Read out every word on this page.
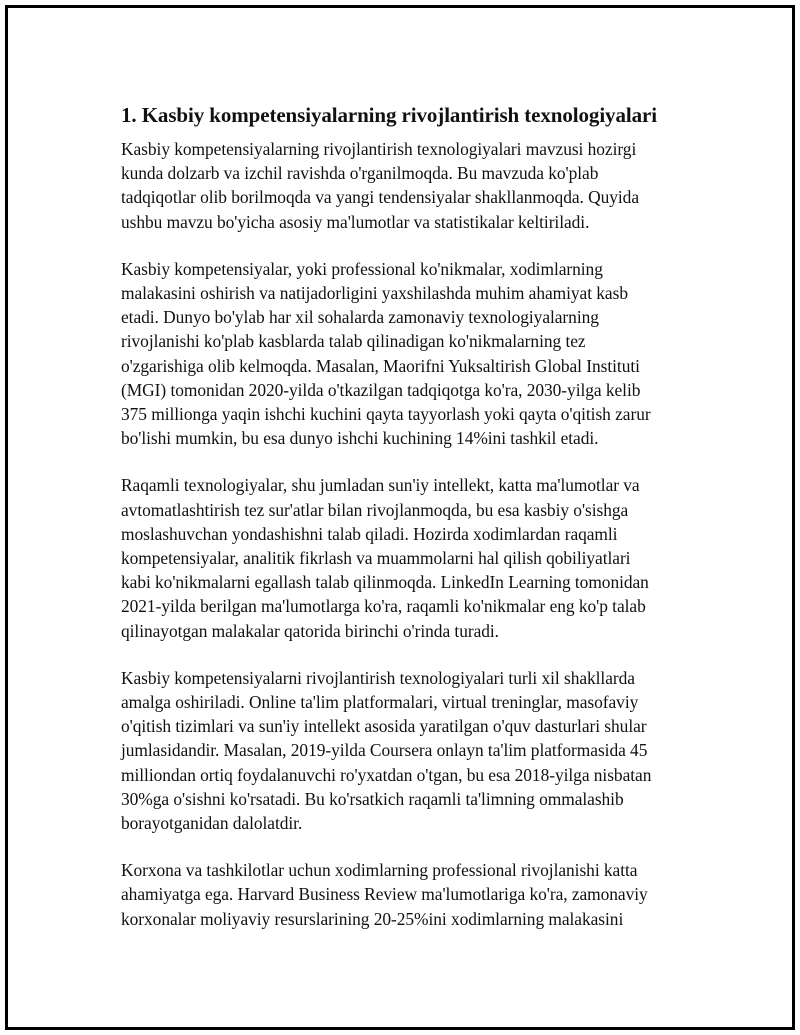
1. Kasbiy kompetensiyalarning rivojlantirish texnologiyalari

Kasbiy kompetensiyalarning rivojlantirish texnologiyalari mavzusi hozirgi
kunda dolzarb va izchil ravishda o'rganilmoqda. Bu mavzuda ko'plab
tadqiqotlar olib borilmoqda va yangi tendensiyalar shakllanmoqda. Quyida
ushbu mavzu bo'yicha asosiy ma'lumotlar va statistikalar keltiriladi.

Kasbiy kompetensiyalar, yoki professional ko'nikmalar, xodimlarning
malakasini oshirish va natijadorligini yaxshilashda muhim ahamiyat kasb
etadi. Dunyo bo'ylab har xil sohalarda zamonaviy texnologiyalarning
rivojlanishi ko'plab kasblarda talab qilinadigan ko'nikmalarning tez
o'zgarishiga olib kelmoqda. Masalan, Maorifni Yuksaltirish Global Instituti
(MGI) tomonidan 2020-yilda o'tkazilgan tadqiqotga ko'ra, 2030-yilga kelib
375 millionga yaqin ishchi kuchini qayta tayyorlash yoki qayta o'qitish zarur
bo'lishi mumkin, bu esa dunyo ishchi kuchining 14%ini tashkil etadi.

Raqamli texnologiyalar, shu jumladan sun'iy intellekt, katta ma'lumotlar va
avtomatlashtirish tez sur'atlar bilan rivojlanmoqda, bu esa kasbiy o'sishga
moslashuvchan yondashishni talab qiladi. Hozirda xodimlardan raqamli
kompetensiyalar, analitik fikrlash va muammolarni hal qilish qobiliyatlari
kabi ko'nikmalarni egallash talab qilinmoqda. LinkedIn Learning tomonidan
2021-yilda berilgan ma'lumotlarga ko'ra, raqamli ko'nikmalar eng ko'p talab
qilinayotgan malakalar qatorida birinchi o'rinda turadi.

Kasbiy kompetensiyalarni rivojlantirish texnologiyalari turli xil shakllarda
amalga oshiriladi. Online ta'lim platformalari, virtual treninglar, masofaviy
o'qitish tizimlari va sun'iy intellekt asosida yaratilgan o'quv dasturlari shular
jumlasidandir. Masalan, 2019-yilda Coursera onlayn ta'lim platformasida 45
milliondan ortiq foydalanuvchi ro'yxatdan o'tgan, bu esa 2018-yilga nisbatan
30%ga o'sishni ko'rsatadi. Bu ko'rsatkich raqamli ta'limning ommalashib
borayotganidan dalolatdir.

Korxona va tashkilotlar uchun xodimlarning professional rivojlanishi katta
ahamiyatga ega. Harvard Business Review ma'lumotlariga ko'ra, zamonaviy
korxonalar moliyaviy resurslarining 20-25%ini xodimlarning malakasini
